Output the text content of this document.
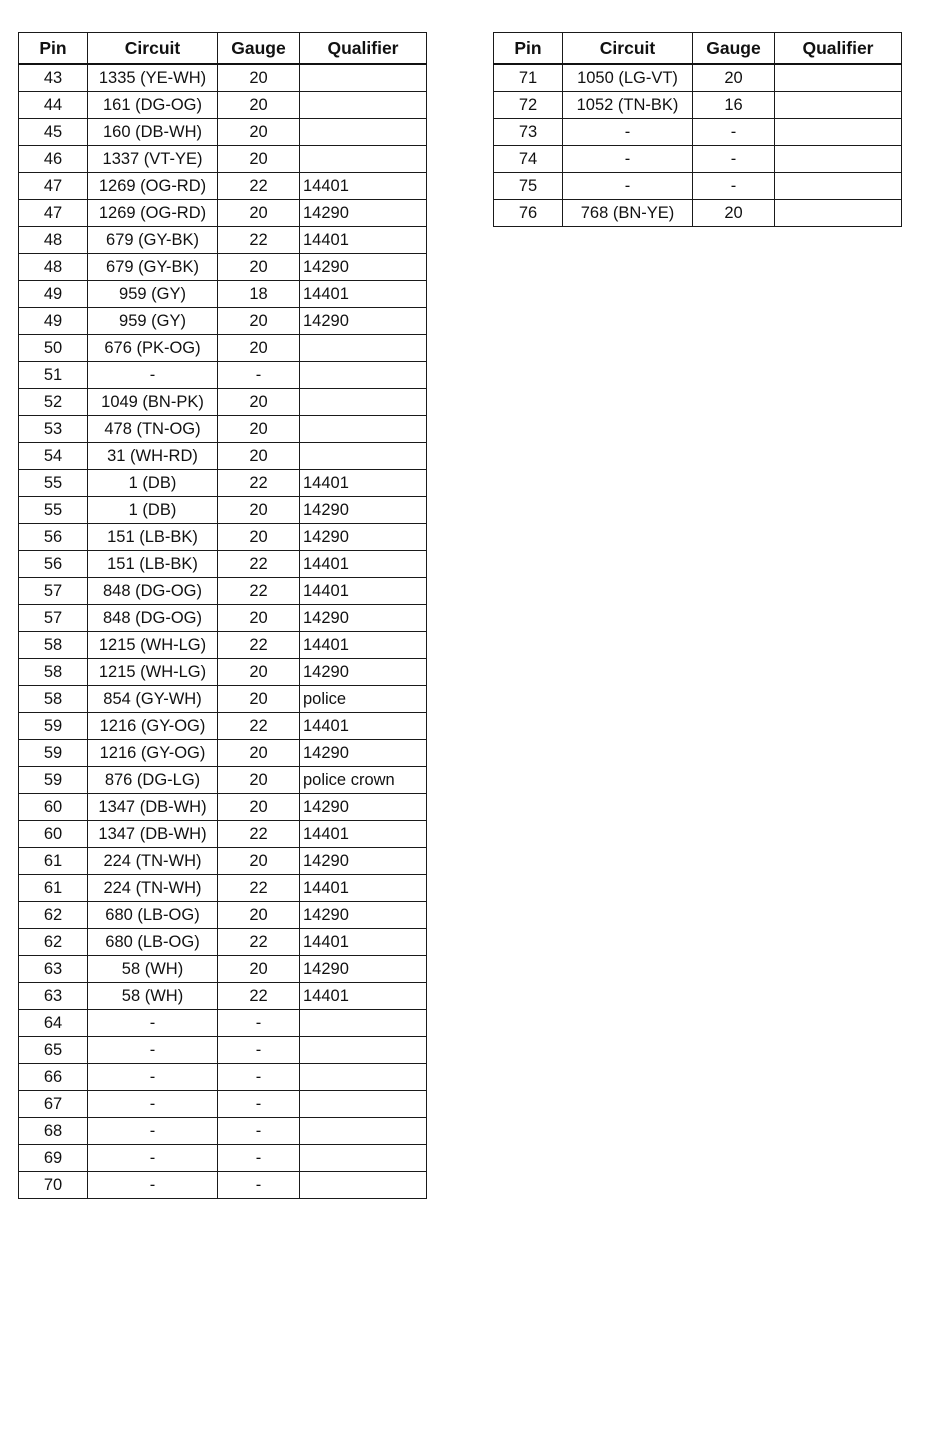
Pin	Circuit	Gauge	Qualifier
43	1335 (YE-WH)	20	
44	161 (DG-OG)	20	
45	160 (DB-WH)	20	
46	1337 (VT-YE)	20	
47	1269 (OG-RD)	22	14401
47	1269 (OG-RD)	20	14290
48	679 (GY-BK)	22	14401
48	679 (GY-BK)	20	14290
49	959 (GY)	18	14401
49	959 (GY)	20	14290
50	676 (PK-OG)	20	
51	-	-	
52	1049 (BN-PK)	20	
53	478 (TN-OG)	20	
54	31 (WH-RD)	20	
55	1 (DB)	22	14401
55	1 (DB)	20	14290
56	151 (LB-BK)	20	14290
56	151 (LB-BK)	22	14401
57	848 (DG-OG)	22	14401
57	848 (DG-OG)	20	14290
58	1215 (WH-LG)	22	14401
58	1215 (WH-LG)	20	14290
58	854 (GY-WH)	20	police
59	1216 (GY-OG)	22	14401
59	1216 (GY-OG)	20	14290
59	876 (DG-LG)	20	police crown
60	1347 (DB-WH)	20	14290
60	1347 (DB-WH)	22	14401
61	224 (TN-WH)	20	14290
61	224 (TN-WH)	22	14401
62	680 (LB-OG)	20	14290
62	680 (LB-OG)	22	14401
63	58 (WH)	20	14290
63	58 (WH)	22	14401
64	-	-	
65	-	-	
66	-	-	
67	-	-	
68	-	-	
69	-	-	
70	-	-	
Pin	Circuit	Gauge	Qualifier
71	1050 (LG-VT)	20	
72	1052 (TN-BK)	16	
73	-	-	
74	-	-	
75	-	-	
76	768 (BN-YE)	20	
